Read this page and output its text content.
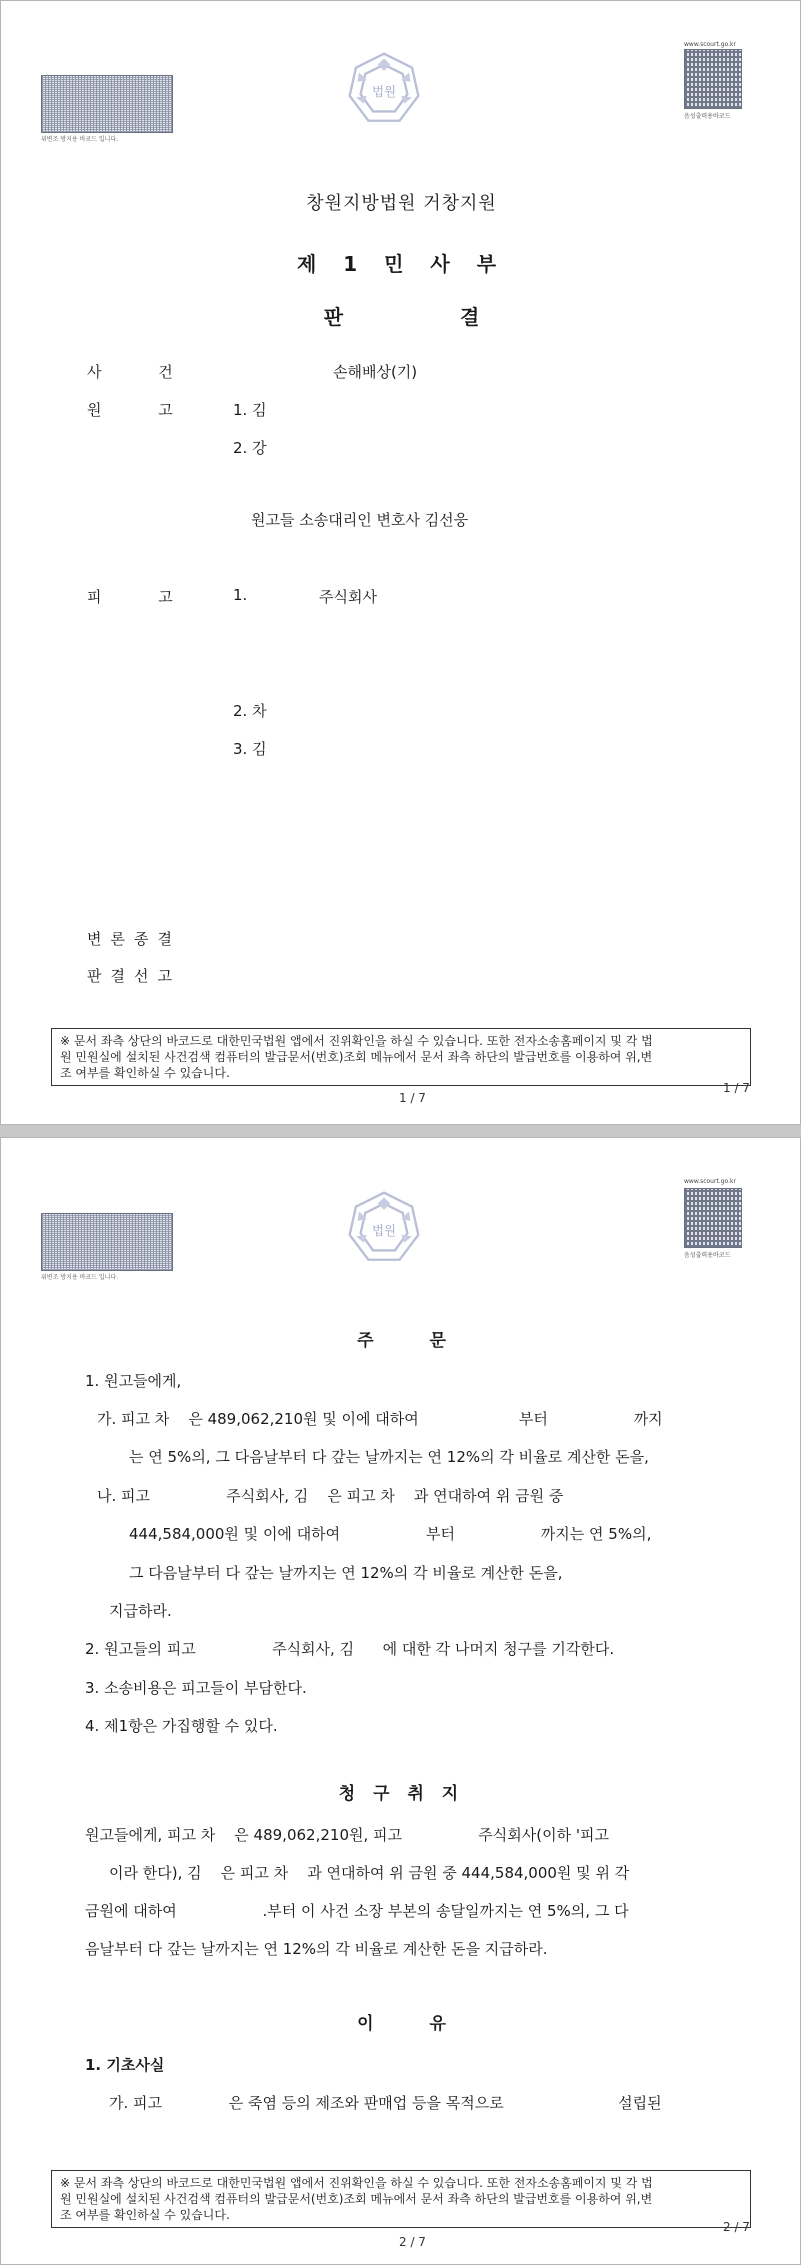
위변조 방지용 바코드 입니다.
법원
www.scourt.go.kr
음성출력용바코드
창원지방법원 거창지원
제 1 민 사 부
판 결
사 건	손해배상(기)
원 고	1. 김
2. 강
원고들 소송대리인 변호사 김선웅
피 고	1.	주식회사
2. 차
3. 김
변론종결
판결선고
※ 문서 좌측 상단의 바코드로 대한민국법원 앱에서 진위확인을 하실 수 있습니다. 또한 전자소송홈페이지 및 각 법
원 민원실에 설치된 사건검색 컴퓨터의 발급문서(번호)조회 메뉴에서 문서 좌측 하단의 발급번호를 이용하여 위,변
조 여부를 확인하실 수 있습니다.
1 / 7
1 / 7
위변조 방지용 바코드 입니다.
법원
www.scourt.go.kr
음성출력용바코드
주 문
1. 원고들에게,
가. 피고 차    은 489,062,210원 및 이에 대하여                     부터                  까지
는 연 5%의, 그 다음날부터 다 갚는 날까지는 연 12%의 각 비율로 계산한 돈을,
나. 피고                주식회사, 김    은 피고 차    과 연대하여 위 금원 중
444,584,000원 및 이에 대하여                  부터                  까지는 연 5%의,
그 다음날부터 다 갚는 날까지는 연 12%의 각 비율로 계산한 돈을,
지급하라.
2. 원고들의 피고                주식회사, 김      에 대한 각 나머지 청구를 기각한다.
3. 소송비용은 피고들이 부담한다.
4. 제1항은 가집행할 수 있다.
청 구 취 지
원고들에게, 피고 차    은 489,062,210원, 피고                주식회사(이하 '피고
이라 한다), 김    은 피고 차    과 연대하여 위 금원 중 444,584,000원 및 위 각
금원에 대하여                  .부터 이 사건 소장 부본의 송달일까지는 연 5%의, 그 다
음날부터 다 갚는 날까지는 연 12%의 각 비율로 계산한 돈을 지급하라.
이 유
1. 기초사실
가. 피고              은 죽염 등의 제조와 판매업 등을 목적으로                        설립된
※ 문서 좌측 상단의 바코드로 대한민국법원 앱에서 진위확인을 하실 수 있습니다. 또한 전자소송홈페이지 및 각 법
원 민원실에 설치된 사건검색 컴퓨터의 발급문서(번호)조회 메뉴에서 문서 좌측 하단의 발급번호를 이용하여 위,변
조 여부를 확인하실 수 있습니다.
2 / 7
2 / 7
